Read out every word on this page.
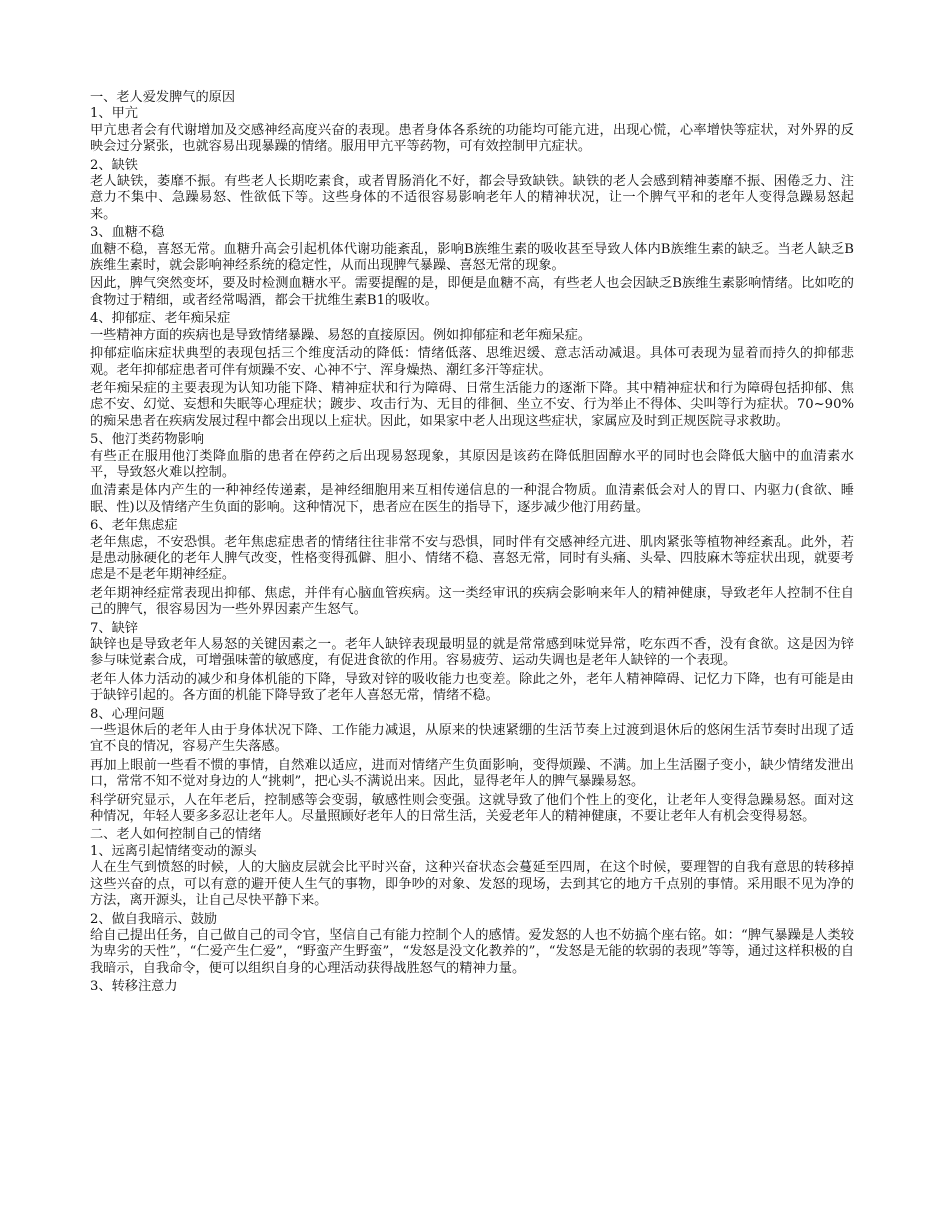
一、老人爱发脾气的原因

1、甲亢

甲亢患者会有代谢增加及交感神经高度兴奋的表现。患者身体各系统的功能均可能亢进，出现心慌，心率增快等症状，对外界的反映会过分紧张，也就容易出现暴躁的情绪。服用甲亢平等药物，可有效控制甲亢症状。

2、缺铁

老人缺铁，萎靡不振。有些老人长期吃素食，或者胃肠消化不好，都会导致缺铁。缺铁的老人会感到精神萎靡不振、困倦乏力、注意力不集中、急躁易怒、性欲低下等。这些身体的不适很容易影响老年人的精神状况，让一个脾气平和的老年人变得急躁易怒起来。

3、血糖不稳

血糖不稳，喜怒无常。血糖升高会引起机体代谢功能紊乱，影响B族维生素的吸收甚至导致人体内B族维生素的缺乏。当老人缺乏B族维生素时，就会影响神经系统的稳定性，从而出现脾气暴躁、喜怒无常的现象。

因此，脾气突然变坏，要及时检测血糖水平。需要提醒的是，即便是血糖不高，有些老人也会因缺乏B族维生素影响情绪。比如吃的食物过于精细，或者经常喝酒，都会干扰维生素B1的吸收。

4、抑郁症、老年痴呆症

一些精神方面的疾病也是导致情绪暴躁、易怒的直接原因。例如抑郁症和老年痴呆症。

抑郁症临床症状典型的表现包括三个维度活动的降低：情绪低落、思维迟缓、意志活动减退。具体可表现为显着而持久的抑郁悲观。老年抑郁症患者可伴有烦躁不安、心神不宁、浑身燥热、潮红多汗等症状。

老年痴呆症的主要表现为认知功能下降、精神症状和行为障碍、日常生活能力的逐渐下降。其中精神症状和行为障碍包括抑郁、焦虑不安、幻觉、妄想和失眠等心理症状；踱步、攻击行为、无目的徘徊、坐立不安、行为举止不得体、尖叫等行为症状。70~90%的痴呆患者在疾病发展过程中都会出现以上症状。因此，如果家中老人出现这些症状，家属应及时到正规医院寻求救助。

5、他汀类药物影响

有些正在服用他汀类降血脂的患者在停药之后出现易怒现象，其原因是该药在降低胆固醇水平的同时也会降低大脑中的血清素水平，导致怒火难以控制。

血清素是体内产生的一种神经传递素，是神经细胞用来互相传递信息的一种混合物质。血清素低会对人的胃口、内驱力(食欲、睡眠、性)以及情绪产生负面的影响。这种情况下，患者应在医生的指导下，逐步减少他汀用药量。

6、老年焦虑症

老年焦虑，不安恐惧。老年焦虑症患者的情绪往往非常不安与恐惧，同时伴有交感神经亢进、肌肉紧张等植物神经紊乱。此外，若是患动脉硬化的老年人脾气改变，性格变得孤僻、胆小、情绪不稳、喜怒无常，同时有头痛、头晕、四肢麻木等症状出现，就要考虑是不是老年期神经症。

老年期神经症常表现出抑郁、焦虑，并伴有心脑血管疾病。这一类经审讯的疾病会影响来年人的精神健康，导致老年人控制不住自己的脾气，很容易因为一些外界因素产生怒气。

7、缺锌

缺锌也是导致老年人易怒的关键因素之一。老年人缺锌表现最明显的就是常常感到味觉异常，吃东西不香，没有食欲。这是因为锌参与味觉素合成，可增强味蕾的敏感度，有促进食欲的作用。容易疲劳、运动失调也是老年人缺锌的一个表现。

老年人体力活动的减少和身体机能的下降，导致对锌的吸收能力也变差。除此之外，老年人精神障碍、记忆力下降，也有可能是由于缺锌引起的。各方面的机能下降导致了老年人喜怒无常，情绪不稳。

8、心理问题

一些退休后的老年人由于身体状况下降、工作能力减退，从原来的快速紧绷的生活节奏上过渡到退休后的悠闲生活节奏时出现了适宜不良的情况，容易产生失落感。

再加上眼前一些看不惯的事情，自然难以适应，进而对情绪产生负面影响，变得烦躁、不满。加上生活圈子变小，缺少情绪发泄出口，常常不知不觉对身边的人“挑刺”，把心头不满说出来。因此，显得老年人的脾气暴躁易怒。

科学研究显示，人在年老后，控制感等会变弱，敏感性则会变强。这就导致了他们个性上的变化，让老年人变得急躁易怒。面对这种情况，年轻人要多多忍让老年人。尽量照顾好老年人的日常生活，关爱老年人的精神健康，不要让老年人有机会变得易怒。

二、老人如何控制自己的情绪

1、远离引起情绪变动的源头

人在生气到愤怒的时候，人的大脑皮层就会比平时兴奋，这种兴奋状态会蔓延至四周，在这个时候，要理智的自我有意思的转移掉这些兴奋的点，可以有意的避开使人生气的事物，即争吵的对象、发怒的现场，去到其它的地方千点别的事情。采用眼不见为净的方法，离开源头，让自己尽快平静下来。

2、做自我暗示、鼓励

给自己提出任务，自己做自己的司令官，坚信自己有能力控制个人的感情。爱发怒的人也不妨搞个座右铭。如：“脾气暴躁是人类较为卑劣的天性”，“仁爱产生仁爱”，“野蛮产生野蛮”，“发怒是没文化教养的”，“发怒是无能的软弱的表现”等等，通过这样积极的自我暗示，自我命令，便可以组织自身的心理活动获得战胜怒气的精神力量。

3、转移注意力
